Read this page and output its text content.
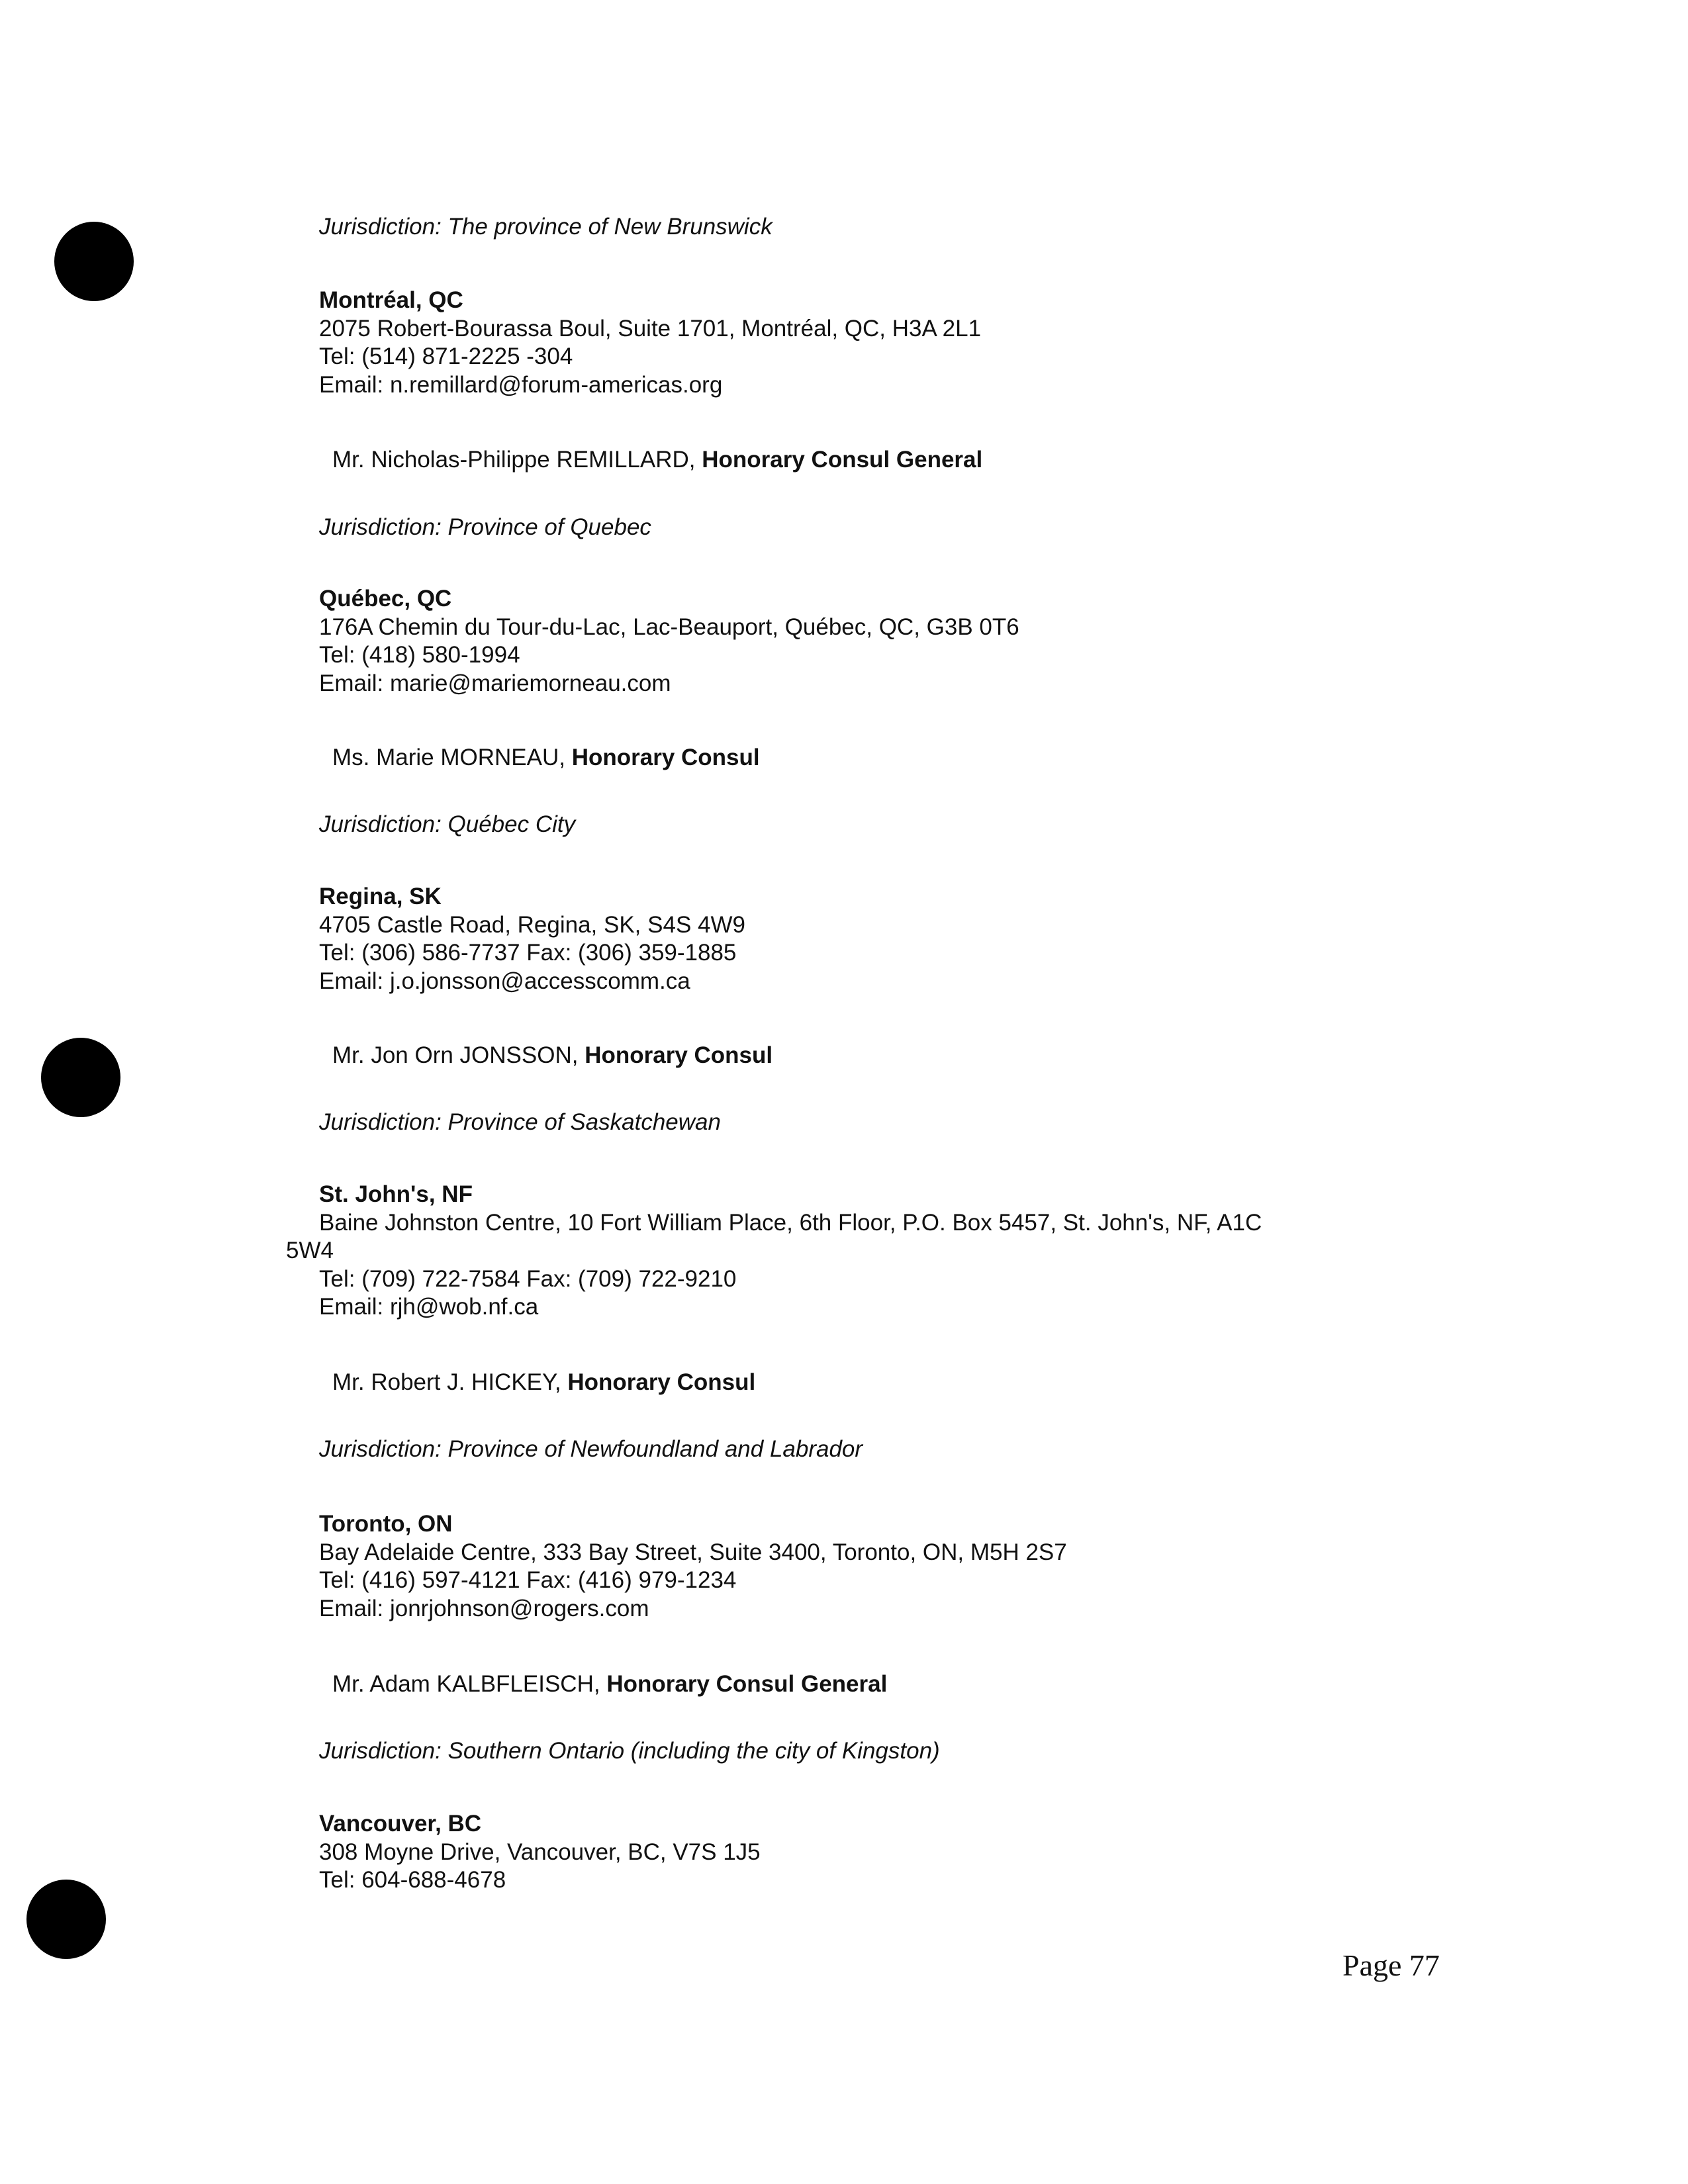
Jurisdiction: The province of New Brunswick
Montréal, QC
2075 Robert-Bourassa Boul, Suite 1701, Montréal, QC, H3A 2L1
Tel: (514) 871-2225 -304
Email: n.remillard@forum-americas.org
Mr. Nicholas-Philippe REMILLARD, Honorary Consul General
Jurisdiction: Province of Quebec
Québec, QC
176A Chemin du Tour-du-Lac, Lac-Beauport, Québec, QC, G3B 0T6
Tel: (418) 580-1994
Email: marie@mariemorneau.com
Ms. Marie MORNEAU, Honorary Consul
Jurisdiction: Québec City
Regina, SK
4705 Castle Road, Regina, SK, S4S 4W9
Tel: (306) 586-7737 Fax: (306) 359-1885
Email: j.o.jonsson@accesscomm.ca
Mr. Jon Orn JONSSON, Honorary Consul
Jurisdiction: Province of Saskatchewan
St. John's, NF
Baine Johnston Centre, 10 Fort William Place, 6th Floor, P.O. Box 5457, St. John's, NF, A1C
5W4
Tel: (709) 722-7584 Fax: (709) 722-9210
Email: rjh@wob.nf.ca
Mr. Robert J. HICKEY, Honorary Consul
Jurisdiction: Province of Newfoundland and Labrador
Toronto, ON
Bay Adelaide Centre, 333 Bay Street, Suite 3400, Toronto, ON, M5H 2S7
Tel: (416) 597-4121 Fax: (416) 979-1234
Email: jonrjohnson@rogers.com
Mr. Adam KALBFLEISCH, Honorary Consul General
Jurisdiction: Southern Ontario (including the city of Kingston)
Vancouver, BC
308 Moyne Drive, Vancouver, BC, V7S 1J5
Tel: 604-688-4678
Page 77
